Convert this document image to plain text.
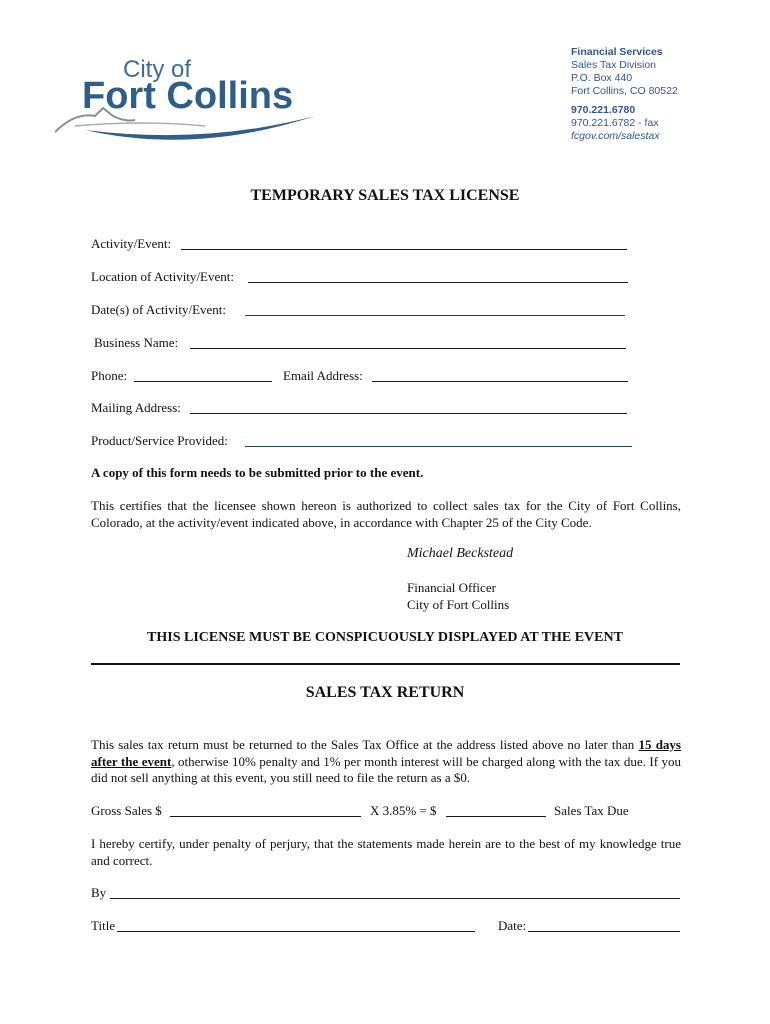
City of
Fort Collins
Financial Services
Sales Tax Division
P.O. Box 440
Fort Collins, CO 80522
970.221.6780
970.221.6782 - fax
fcgov.com/salestax
TEMPORARY SALES TAX LICENSE
Activity/Event:
Location of Activity/Event:
Date(s) of Activity/Event:
Business Name:
Phone:	Email Address:
Mailing Address:
Product/Service Provided:
A copy of this form needs to be submitted prior to the event.
This certifies that the licensee shown hereon is authorized to collect sales tax for the City of Fort Collins, Colorado, at the activity/event indicated above, in accordance with Chapter 25 of the City Code.
Michael Beckstead
Financial Officer
City of Fort Collins
THIS LICENSE MUST BE CONSPICUOUSLY DISPLAYED AT THE EVENT
SALES TAX RETURN
This sales tax return must be returned to the Sales Tax Office at the address listed above no later than 15 days after the event, otherwise 10% penalty and 1% per month interest will be charged along with the tax due. If you did not sell anything at this event, you still need to file the return as a $0.
Gross Sales $	X 3.85% = $	Sales Tax Due
I hereby certify, under penalty of perjury, that the statements made herein are to the best of my knowledge true and correct.
By
Title	Date:
